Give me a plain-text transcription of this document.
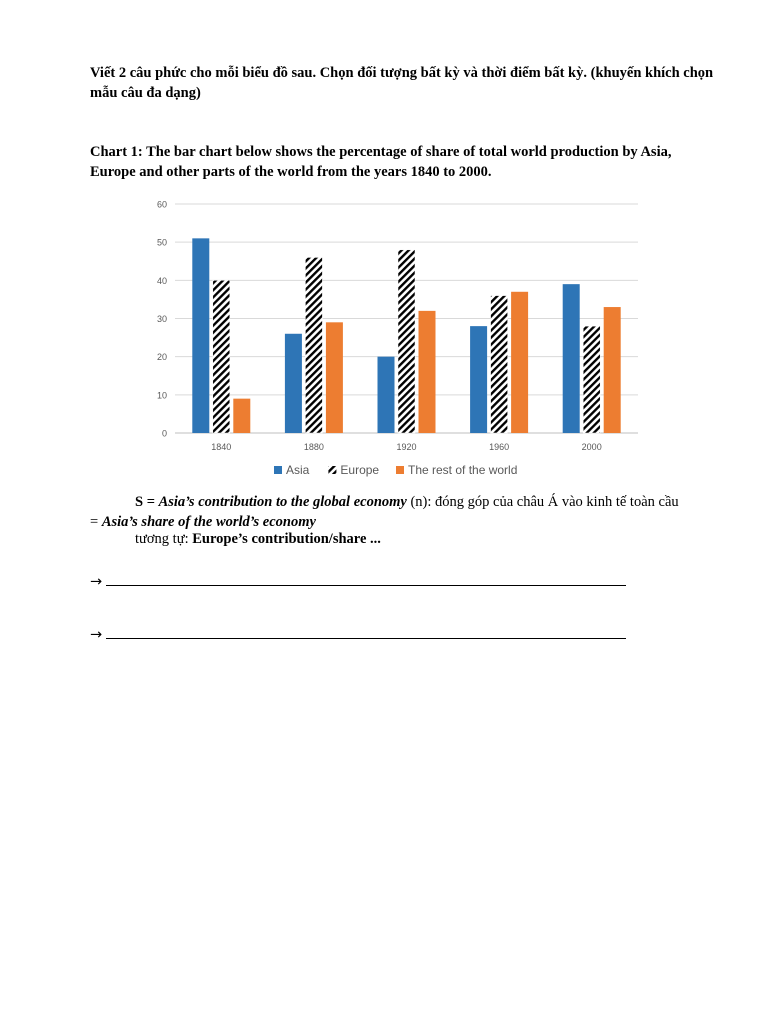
Viết 2 câu phức cho mỗi biểu đồ sau. Chọn đối tượng bất kỳ và thời điểm bất kỳ. (khuyến khích chọn mẫu câu đa dạng)
Chart 1: The bar chart below shows the percentage of share of total world production by Asia, Europe and other parts of the world from the years 1840 to 2000.
0
10
20
30
40
50
60
1840	1880	1920	1960	2000
Asia	Europe The rest of the world
S = Asia’s contribution to the global economy (n): đóng góp của châu Á vào kinh tế toàn cầu
= Asia’s share of the world’s economy
tương tự: Europe’s contribution/share ...
→
→
